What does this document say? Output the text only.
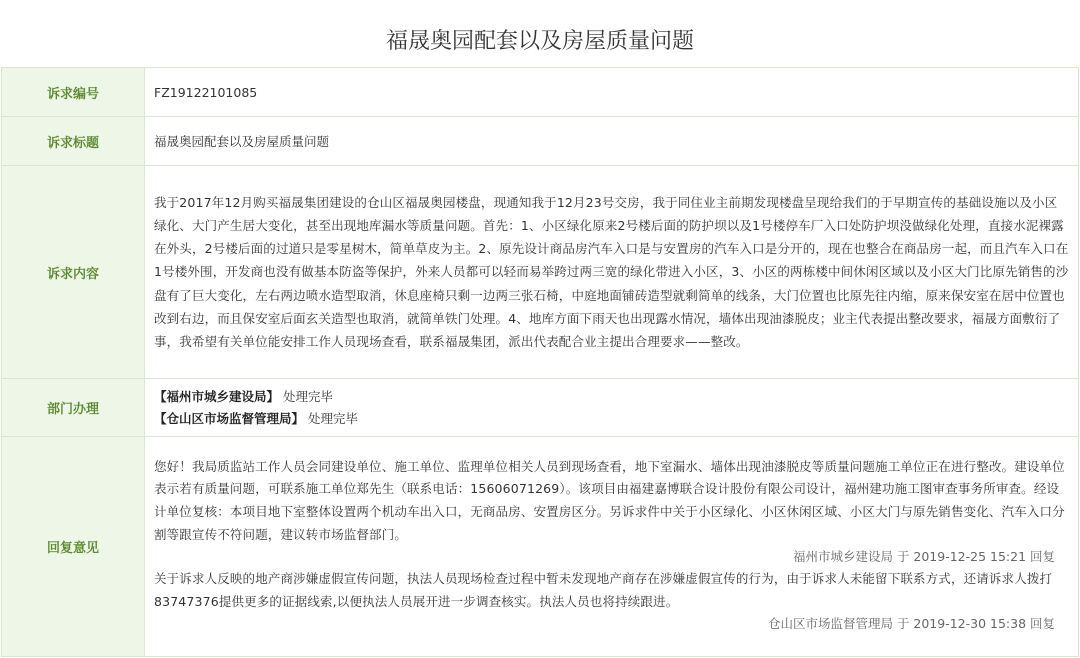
福晟奥园配套以及房屋质量问题
诉求编号	FZ19122101085
诉求标题	福晟奥园配套以及房屋质量问题
诉求内容	我于2017年12月购买福晟集团建设的仓山区福晟奥园楼盘，现通知我于12月23号交房，我于同住业主前期发现楼盘呈现给我们的于早期宣传的基础设施以及小区绿化、大门产生居大变化，甚至出现地库漏水等质量问题。首先：1、小区绿化原来2号楼后面的防护坝以及1号楼停车厂入口处防护坝没做绿化处理，直接水泥裸露在外头，2号楼后面的过道只是零星树木，简单草皮为主。2、原先设计商品房汽车入口是与安置房的汽车入口是分开的，现在也整合在商品房一起，而且汽车入口在1号楼外围，开发商也没有做基本防盗等保护，外来人员都可以轻而易举跨过两三宽的绿化带进入小区，3、小区的两栋楼中间休闲区域以及小区大门比原先销售的沙盘有了巨大变化，左右两边喷水造型取消，休息座椅只剩一边两三张石椅，中庭地面铺砖造型就剩简单的线条，大门位置也比原先往内缩，原来保安室在居中位置也改到右边，而且保安室后面玄关造型也取消，就简单铁门处理。4、地库方面下雨天也出现露水情况，墙体出现油漆脱皮；业主代表提出整改要求，福晟方面敷衍了事，我希望有关单位能安排工作人员现场查看，联系福晟集团，派出代表配合业主提出合理要求——整改。
部门办理	【福州市城乡建设局】 处理完毕
【仓山区市场监督管理局】 处理完毕

回复意见	您好！我局质监站工作人员会同建设单位、施工单位、监理单位相关人员到现场查看，地下室漏水、墙体出现油漆脱皮等质量问题施工单位正在进行整改。建设单位表示若有质量问题，可联系施工单位郑先生（联系电话：15606071269）。该项目由福建嘉博联合设计股份有限公司设计，福州建功施工图审查事务所审查。经设计单位复核：本项目地下室整体设置两个机动车出入口，无商品房、安置房区分。另诉求件中关于小区绿化、小区休闲区域、小区大门与原先销售变化、汽车入口分割等跟宣传不符问题，建议转市场监督部门。
福州市城乡建设局 于 2019-12-25 15:21 回复
关于诉求人反映的地产商涉嫌虚假宣传问题，执法人员现场检查过程中暂未发现地产商存在涉嫌虚假宣传的行为，由于诉求人未能留下联系方式，还请诉求人拨打83747376提供更多的证据线索,以便执法人员展开进一步调查核实。执法人员也将持续跟进。
仓山区市场监督管理局 于 2019-12-30 15:38 回复
